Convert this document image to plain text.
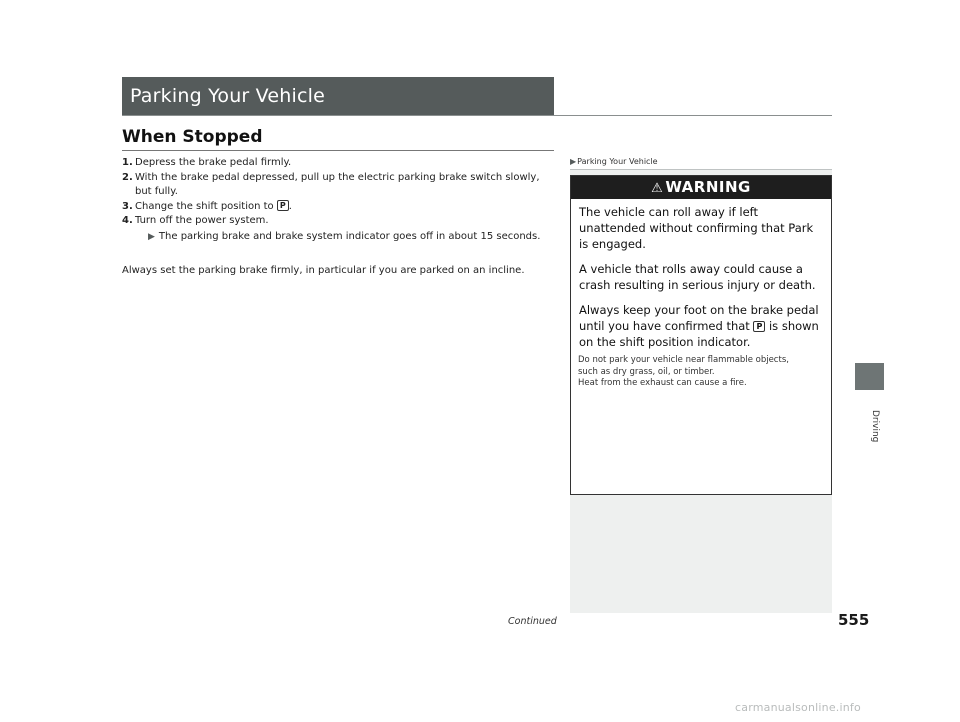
Parking Your Vehicle
When Stopped
1. Depress the brake pedal firmly.
2. With the brake pedal depressed, pull up the electric parking brake switch slowly, but fully.
3. Change the shift position to P .
4. Turn off the power system.
▶ The parking brake and brake system indicator goes off in about 15 seconds.
Always set the parking brake firmly, in particular if you are parked on an incline.
▶Parking Your Vehicle
⚠ WARNING

The vehicle can roll away if left unattended without confirming that Park is engaged.

A vehicle that rolls away could cause a crash resulting in serious injury or death.

Always keep your foot on the brake pedal until you have confirmed that P is shown on the shift position indicator.

Do not park your vehicle near flammable objects,
such as dry grass, oil, or timber.
Heat from the exhaust can cause a fire.
Driving
Continued	555
carmanualsonline.info
